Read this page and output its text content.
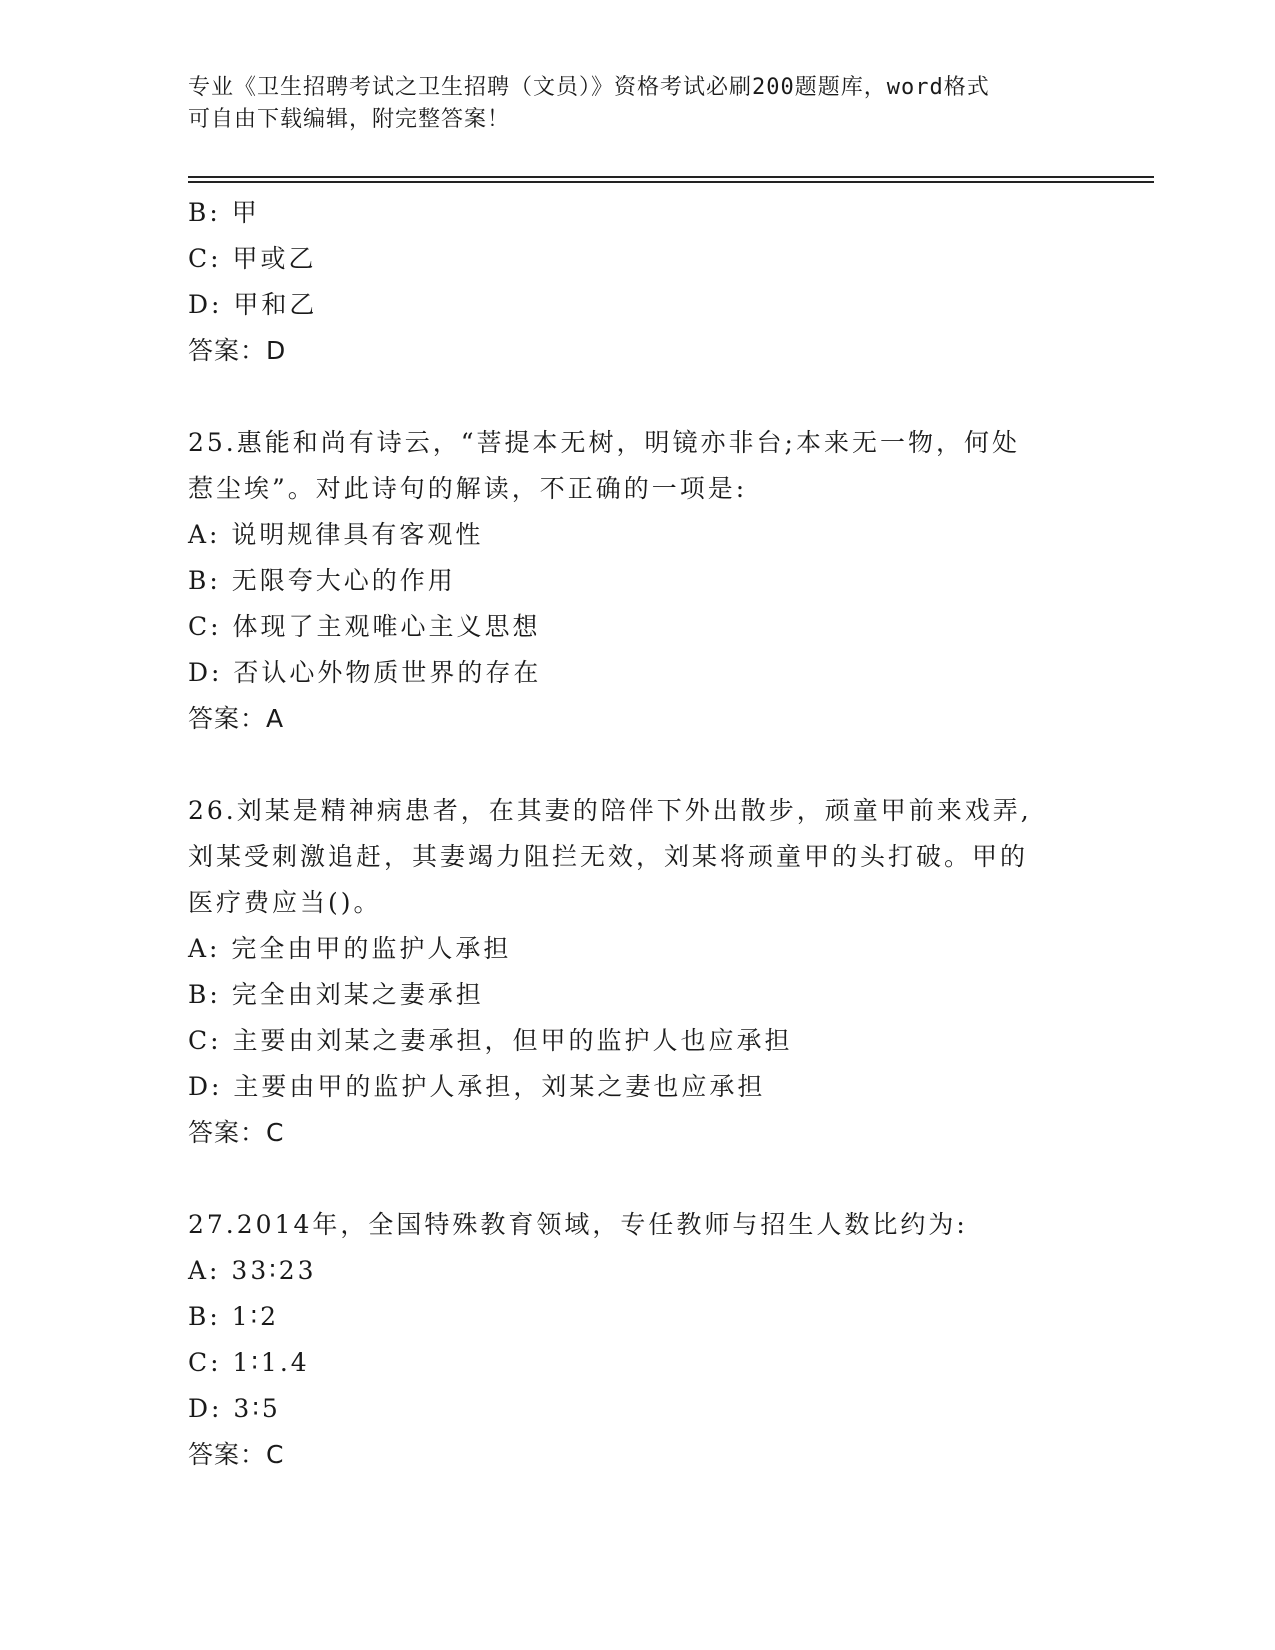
专业《卫生招聘考试之卫生招聘（文员）》资格考试必刷200题题库，word格式
可自由下载编辑，附完整答案！
B: 甲
C: 甲或乙
D: 甲和乙
答案：D
25.惠能和尚有诗云，“菩提本无树，明镜亦非台;本来无一物，何处
惹尘埃”。对此诗句的解读，不正确的一项是:
A: 说明规律具有客观性
B: 无限夸大心的作用
C: 体现了主观唯心主义思想
D: 否认心外物质世界的存在
答案：A
26.刘某是精神病患者，在其妻的陪伴下外出散步，顽童甲前来戏弄,
刘某受刺激追赶，其妻竭力阻拦无效，刘某将顽童甲的头打破。甲的
医疗费应当()。
A: 完全由甲的监护人承担
B: 完全由刘某之妻承担
C: 主要由刘某之妻承担，但甲的监护人也应承担
D: 主要由甲的监护人承担，刘某之妻也应承担
答案：C
27.2014年，全国特殊教育领域，专任教师与招生人数比约为:
A: 33∶23
B: 1∶2
C: 1∶1.4
D: 3∶5
答案：C
